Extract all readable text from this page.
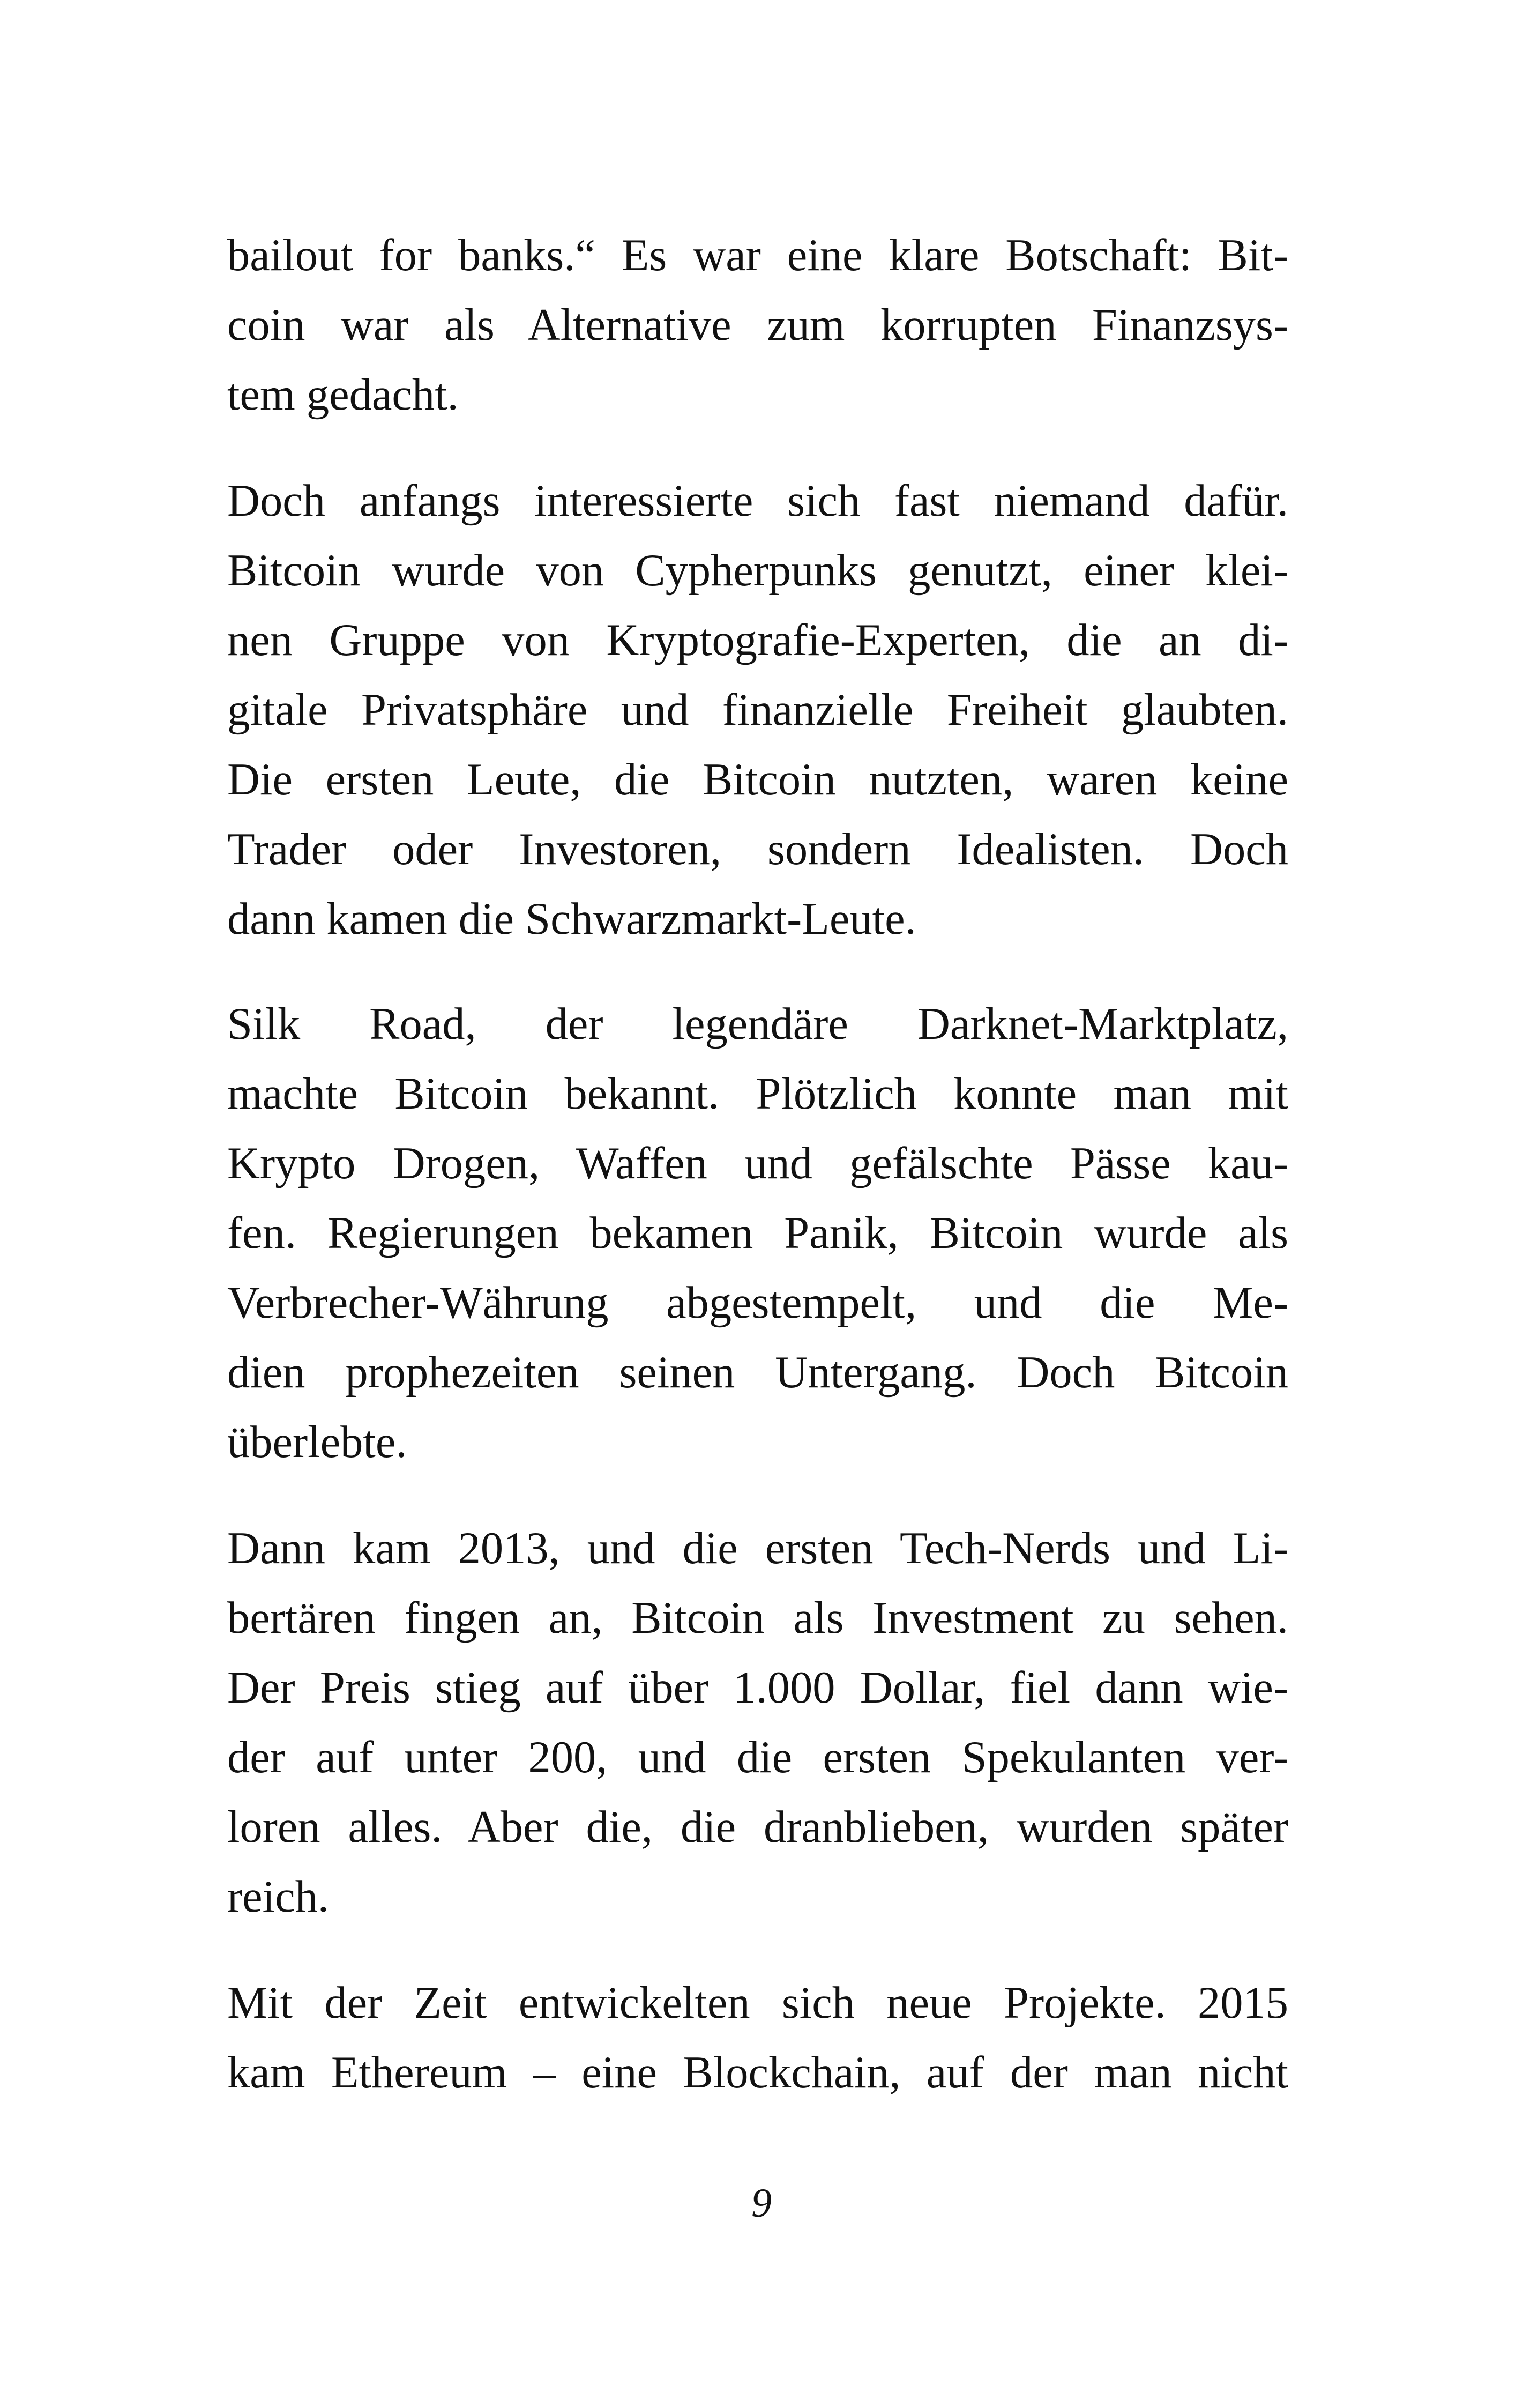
bailout for banks.“ Es war eine klare Botschaft: Bit-
coin war als Alternative zum korrupten Finanzsys-
tem gedacht.
Doch anfangs interessierte sich fast niemand dafür.
Bitcoin wurde von Cypherpunks genutzt, einer klei-
nen Gruppe von Kryptografie-Experten, die an di-
gitale Privatsphäre und finanzielle Freiheit glaubten.
Die ersten Leute, die Bitcoin nutzten, waren keine
Trader oder Investoren, sondern Idealisten. Doch
dann kamen die Schwarzmarkt-Leute.
Silk Road, der legendäre Darknet-Marktplatz,
machte Bitcoin bekannt. Plötzlich konnte man mit
Krypto Drogen, Waffen und gefälschte Pässe kau-
fen. Regierungen bekamen Panik, Bitcoin wurde als
Verbrecher-Währung abgestempelt, und die Me-
dien prophezeiten seinen Untergang. Doch Bitcoin
überlebte.
Dann kam 2013, und die ersten Tech-Nerds und Li-
bertären fingen an, Bitcoin als Investment zu sehen.
Der Preis stieg auf über 1.000 Dollar, fiel dann wie-
der auf unter 200, und die ersten Spekulanten ver-
loren alles. Aber die, die dranblieben, wurden später
reich.
Mit der Zeit entwickelten sich neue Projekte. 2015
kam Ethereum – eine Blockchain, auf der man nicht
9
